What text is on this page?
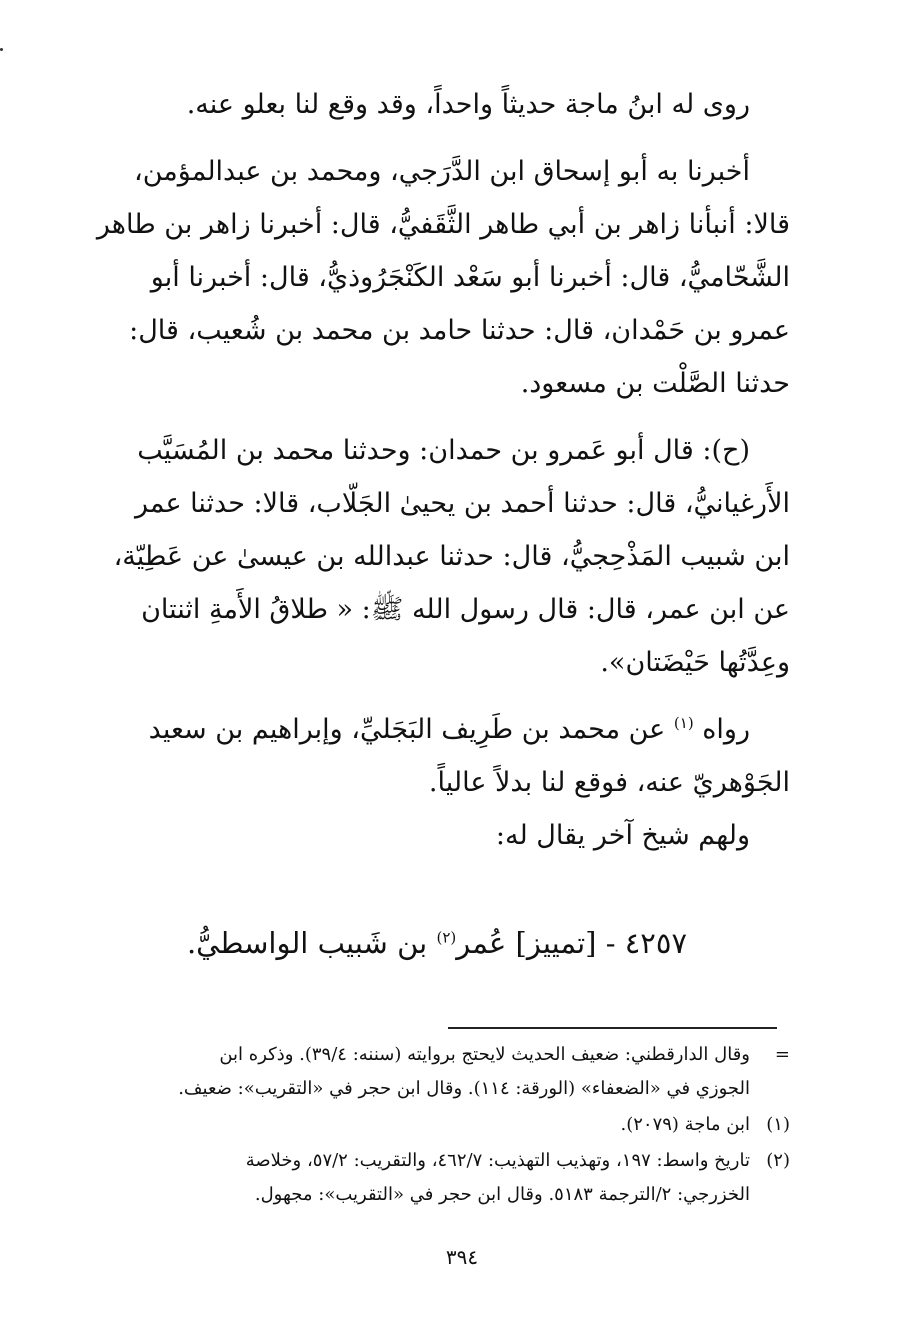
روى له ابنُ ماجة حديثاً واحداً، وقد وقع لنا بعلو عنه.

أخبرنا به أبو إسحاق ابن الدَّرَجي، ومحمد بن عبدالمؤمن،
قالا: أنبأنا زاهر بن أبي طاهر الثَّقَفيُّ، قال: أخبرنا زاهر بن طاهر
الشَّحّاميُّ، قال: أخبرنا أبو سَعْد الكَنْجَرُوذيُّ، قال: أخبرنا أبو
عمرو بن حَمْدان، قال: حدثنا حامد بن محمد بن شُعيب، قال:
حدثنا الصَّلْت بن مسعود.

(ح): قال أبو عَمرو بن حمدان: وحدثنا محمد بن المُسَيَّب
الأَرغيانيُّ، قال: حدثنا أحمد بن يحيىٰ الجَلّاب، قالا: حدثنا عمر
ابن شبيب المَذْحِجيُّ، قال: حدثنا عبدالله بن عيسىٰ عن عَطِيّة،
عن ابن عمر، قال: قال رسول الله ﷺ: « طلاقُ الأَمةِ اثنتان
وعِدَّتُها حَيْضَتان».

رواه $^{(١)}$ عن محمد بن طَرِيف البَجَليِّ، وإبراهيم بن سعيد
الجَوْهريّ عنه، فوقع لنا بدلاً عالياً.
ولهم شيخ آخر يقال له:

٤٢٥٧ - [تمييز] عُمر$^{(٢)}$ بن شَبيب الواسطيُّ.
=
وقال الدارقطني: ضعيف الحديث لايحتج بروايته (سننه: ٣٩/٤). وذكره ابن
الجوزي في «الضعفاء» (الورقة: ١١٤). وقال ابن حجر في «التقريب»: ضعيف.
(١)
ابن ماجة (٢٠٧٩).
(٢)
تاريخ واسط: ١٩٧، وتهذيب التهذيب: ٤٦٢/٧، والتقريب: ٥٧/٢، وخلاصة
الخزرجي: ٢/الترجمة ٥١٨٣. وقال ابن حجر في «التقريب»: مجهول.
٣٩٤
